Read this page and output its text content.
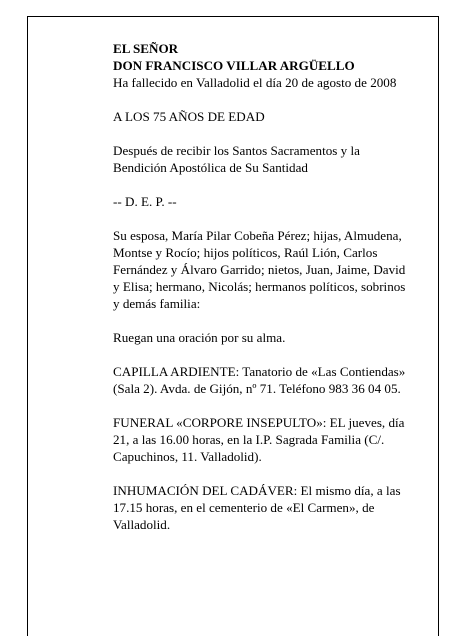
EL SEÑOR
DON FRANCISCO VILLAR ARGÜELLO
Ha fallecido en Valladolid el día 20 de agosto de 2008
A LOS 75 AÑOS DE EDAD
Después de recibir los Santos Sacramentos y la
Bendición Apostólica de Su Santidad
-- D. E. P. --
Su esposa, María Pilar Cobeña Pérez; hijas, Almudena,
Montse y Rocío; hijos políticos, Raúl Lión, Carlos
Fernández y Álvaro Garrido; nietos, Juan, Jaime, David
y Elisa; hermano, Nicolás; hermanos políticos, sobrinos
y demás familia:
Ruegan una oración por su alma.
CAPILLA ARDIENTE: Tanatorio de «Las Contiendas»
(Sala 2). Avda. de Gijón, nº 71. Teléfono 983 36 04 05.
FUNERAL «CORPORE INSEPULTO»: EL jueves, día
21, a las 16.00 horas, en la I.P. Sagrada Familia (C/.
Capuchinos, 11. Valladolid).
INHUMACIÓN DEL CADÁVER: El mismo día, a las
17.15 horas, en el cementerio de «El Carmen», de
Valladolid.
